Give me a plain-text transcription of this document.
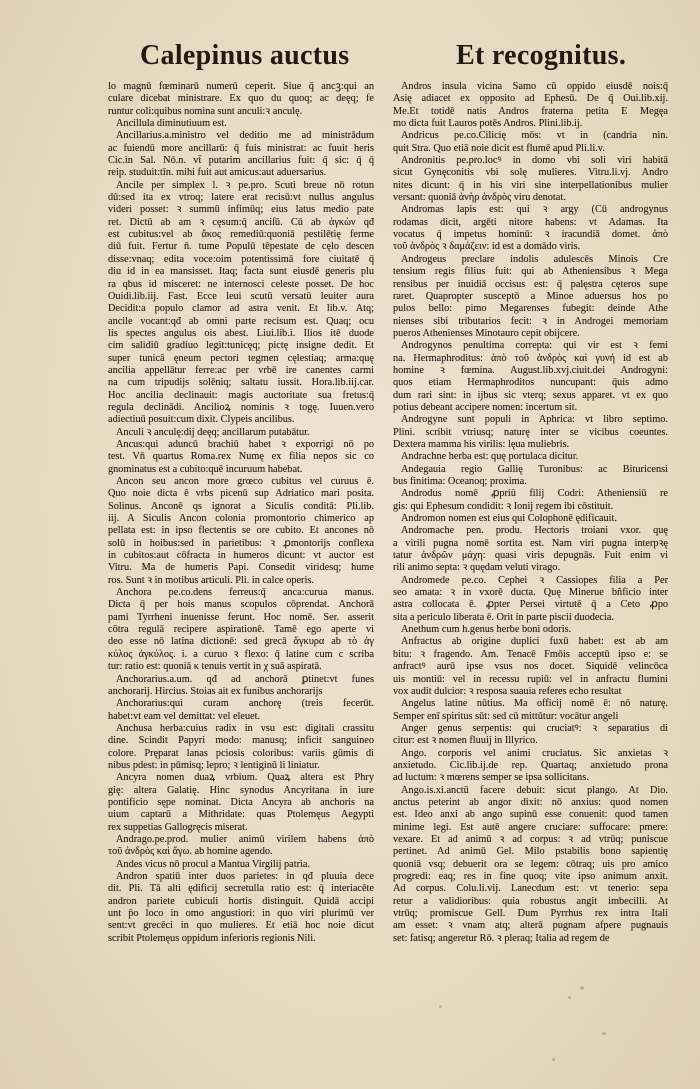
Calepinus auctus	Et recognitus.
lo magnū fœminarū numerū ceperit. Siue q̄ ancꝫ:qui an
culare dicebat ministrare. Ex quo du quoq; ac deęq; fe
runtur coli:quibus nomina sunt anculi:ꝛ anculę.
Ancillula diminutiuum est.
Ancillarius.a.ministro vel deditio me ad ministrādum
ac fuiendū more ancillarū: q̄ fuis ministrat: ac fuuit heris
Cic.in Sal. Nō.n. vt̄ putarim ancillarius fuit: q̄ sic: q̄ q̄
reip. studuit:tīn. mihi fuit aut amicus:aut aduersarius.
Ancile per simplex l. ꝛ pe.pro. Scuti breue nō rotun
dū:sed ita ex vtroq; latere erat recisū:vt nullus angulus
videri posset: ꝛ summū infimūq; eius latus medio pate
ret. Dictū ab am ꝛ cęsum:q̄ anciſū. Cū ab ἀγκὼν qđ
est cubitus:vel ab ἄκος remediū:quoniā pestilētię ferme
diū fuit. Fertur n̄. tume Populū tēpestate de cęlo descen
disse:vnaq; edita voce:oim potentissimā fore ciuitatē q̄
diu id in ea mansisset. Itaq; facta sunt eiusdē generis plu
ra qbus id misceret: ne internosci celeste posset. De hoc
Ouidi.lib.iij. Fast. Ecce leui scutū versatū leuiter aura
Decidit:a populo clamor ad astra venit. Et lib.v. Atq;
ancile vocant:qđ ab omni parte recisum est. Quaq; ocu
lis spectes angulus ois abest. Liui.lib.i. Ilios itē duode
cim salidiū gradiuo legit:tunicęq; pictę insigne dedit. Et
super tunicā ęneum pectori tegmen cęlestiaq; arma:quę
ancilia appellātur ferre:ac per vrbē ire canentes carmi
na cum tripudijs solēniq; saltatu iussit. Hora.lib.iij.car.
Hoc ancilia declinauit: magis auctoritate sua fretus:q̄
regula declinādi. Ancilioꝝ nominis ꝛ togę. Iuuen.vero
adiectiuū posuit:cum dixit. Clypeis ancilibus.
Anculi ꝛ anculę:dij deęq; ancillarum putabātur.
Ancus:qui aduncū brachiū habet ꝛ exporrigi nō po
test. Vn̄ quartus Roma.rex Numę ex filia nepos sic co
gnominatus est a cubito:quē incuruum habebat.
Ancon seu ancon more grœco cubitus vel curuus ē.
Quo noie dicta ē vrbs picenū sup Adriatico mari posita.
Solinus. Anconē qs ignorat a Siculis conditā: Pli.lib.
iij. A Siculis Ancon colonia promontorio chimerico ap
pellata est: in ipso flectentis se ore cubito. Et ancones nō
solū in hoibus:sed in parietibus: ꝛ ꝓmontorijs conflexa
in cubitos:aut cōfracta in humeros dicunt: vt auctor est
Vitru. Ma de humeris Papi. Consedit viridesq; hume
ros. Sunt ꝛ in motibus articuli. Pli. in calce operis.
Anchora pe.co.dens ferreus:q̄ anca:curua manus.
Dicta q̄ per hois manus scopulos cōprendat. Anchorā
pami Tyrrheni inuenisse ferunt. Hoc nomē. Ser. asserit
cōtra regulā recipere aspirationē. Tamē ego aperte vi
deo esse nō latina dictionē: sed grecā ἄγκυρα ab τὸ ἀγ
κύλος ἀγκύλος. i. a curuo ꝛ flexo: q̄ latine cum c scriba
tur: ratio est: quoniā κ tenuis vertit in χ suā aspiratā.
Anchorarius.a.um. qđ ad anchorā ꝑtinet:vt funes
anchorarij. Hircius. Stoias ait ex funibus anchorarijs
Anchorarius:qui curam anchorę (treis fecerūt.
habet:vt eam vel demittat: vel eleuet.
Anchusa herba:cuius radix in vsu est: digitali crassitu
dine. Scindit Papyri modo: manusq; inficit sanguineo
colore. Pręparat lanas pciosis coloribus: variis gūmis di
nibus pdest: in pūmisq; lepro; ꝛ lentiginū li liniatur.
Ancyra nomen duaꝝ vrbium. Quaꝝ altera est Phry
gię: altera Galatię. Hinc synodus Ancyritana in iure
pontificio sępe nominat. Dicta Ancyra ab anchoris na
uium captarū a Mithridate: quas Ptolemęus Aegypti
rex suppetias Gallogręcis miserat.
Andrago.pe.prod. mulier animū virilem habens ἀπὸ
τοῦ ἀνδρὸς καὶ ἄγω. ab homine agendo.
Andes vicus nō procul a Mantua Virgilij patria.
Andron spatiū inter duos parietes: in qđ pluuia dece
dit. Pli. Tā alti ędificij secretulla ratio est: q̄ interiacēte
andron pariete cubiculi hortis distinguit. Quidā accipi
unt p̄o loco in omo angustiori: in quo viri plurimū ver
sent:vt grecēci in quo mulieres. Et etiā hoc noie dicut
scribit Ptolemęus oppidum inferioris regionis Nili.
Andros insula vicina Samo cū oppido eiusdē nois:q̄
Asię adiacet ex opposito ad Ephesū. De q̄ Oui.lib.xij.
Me.Et totidē natis Andros fraterna petita E Megęa
mo dicta fuit Lauros potēs Andros. Plini.lib.ij.
Andricus pe.co.Cilicię mōs: vt in (candria nin.
quit Stra. Quo etiā noie dicit est flumē apud Pli.li.v.
Andronitis pe.pro.locꝰ in domo vbi soli viri habitā
sicut Gynęconitis vbi solę mulieres. Vitru.li.vj. Andro
nites dicunt: q̄ in his viri sine interpellationibus mulier
versant: quoniā ἀνὴρ ἀνδρὸς viru denotat.
Andromas lapis est: qui ꝛ argy (Cū androgynus
rodamas dicit, argēti nitore habens: vt Adamas. Ita
vocatus q̄ impetus hominū: ꝛ iracundiā domet. ἀπὸ
τοῦ ἀνδρὸς ꝛ δαμάζειν: id est a domādo viris.
Androgeus preclare indolis adulescēs Minois Cre
tensium regis filius fuit: qui ab Atheniensibus ꝛ Mega
rensibus per inuidiā occisus est: q̄ palęstra cęteros supe
raret. Quapropter susceptō a Minoe aduersus hos po
pulos bello: pimo Megarenses fubegit: deinde Athe
nienses sibi tributarios fecit: ꝛ in Androgei memoriam
pueros Athenienses Minotauro cepit obijcere.
Androgynos penultima correpta: qui vir est ꝛ femi
na. Hermaphroditus: ἀπὸ τοῦ ἀνδρὸς καὶ γυνή id est ab
homine ꝛ fœmina. August.lib.xvj.ciuit.dei Androgyni:
quos etiam Hermaphroditos nuncupant: q̄uis admo
dum rari sint: in ijbus sic vterq; sexus apparet. vt ex quo
potius debeant accipere nomen: incertum sit.
Androgyne sunt populi in Aphrica: vt libro septimo.
Plini. scribit vtriusq; naturę inter se vicibus coeuntes.
Dextera mamma his virilis: lęua muliebris.
Andrachne herba est: quę portulaca dicitur.
Andegauia regio Gallię Turonibus: ac Bituricensi
bus finitima: Oceanoq; proxima.
Androdus nomē ꝓpriū filij Codri: Atheniensiū re
gis: qui Ephesum condidit: ꝛ Ionij regem ibi cōstituit.
Andromon nomen est eius qui Colophonē ędificauit.
Andromache pen. produ. Hectoris troiani vxor. quę
a virili pugna nomē sortita est. Nam viri pugna interpꝛę
tatur ἀνδρῶν μάχη: quasi viris depugnās. Fuit enim vi
rili animo septa: ꝛ quędam veluti virago.
Andromede pe.co. Cephei ꝛ Cassiopes filia a Per
seo amata: ꝛ in vxorē ducta. Quę Minerue bñficio inter
astra collocata ē. ꝓpter Persei virtutē q̄ a Ceto ꝓpo
sita a periculo liberata ē. Orit in parte piscii duodecia.
Anethum cum h.genus herbe boni odoris.
Anfractus ab origine duplici fuxū habet: est ab am
bitu: ꝛ fragendo. Am. Tenacē Fmōis acceptū ipso e: se
anfractꝰ aurū ipse vsus nos docet. Siquidē velincōca
uis montiū: vel in recessu rupiū: vel in anfractu flumini
vox audit dulcior: ꝛ resposa suauia referes echo resultat
Angelus latine nūtius. Ma officij nomē ē: nō naturę.
Semper enī spiritus sūt: sed cū mittūtur: vocātur angeli
Anger genus serpentis: qui cruciatꝰ: ꝛ separatius di
citur: est ꝛ nomen fluuij in Illyrico.
Ango. corporis vel animi cruciatus. Sic anxietas ꝛ
anxietudo. Cic.lib.ij.de rep. Quartaq; anxietudo prona
ad luctum: ꝛ mœrens semper se ipsa sollicitans.
Ango.is.xi.anctū facere debuit: sicut plango. At Dio.
anctus peterint ab angor dixit: nō anxius: quod nomen
est. Ideo anxi ab ango supinū esse conuenit: quod tamen
minime legi. Est autē angere cruciare: suffocare: pmere:
vexare. Et ad animū ꝛ ad corpus: ꝛ ad vtrūq; puniscue
pertinet. Ad animū Gel. Milo pstabilis bono sapientię
quoniā vsq; debuerit ora se legem: cōtraq; uis pro amico
progredi: eaq; res in fine quoq; vite ipso animum anxit.
Ad corpus. Colu.li.vij. Lanecdum est: vt tenerio: sepa
retur a validioribus: quia robustus angit imbecilli. At
vtrūq; promiscue Gell. Dum Pyrrhus rex intra Itali
am esset: ꝛ vnam atq; alterā pugnam afpere pugnauis
set: fatisq; angeretur Rō. ꝛ pleraq; Italia ad regem de
